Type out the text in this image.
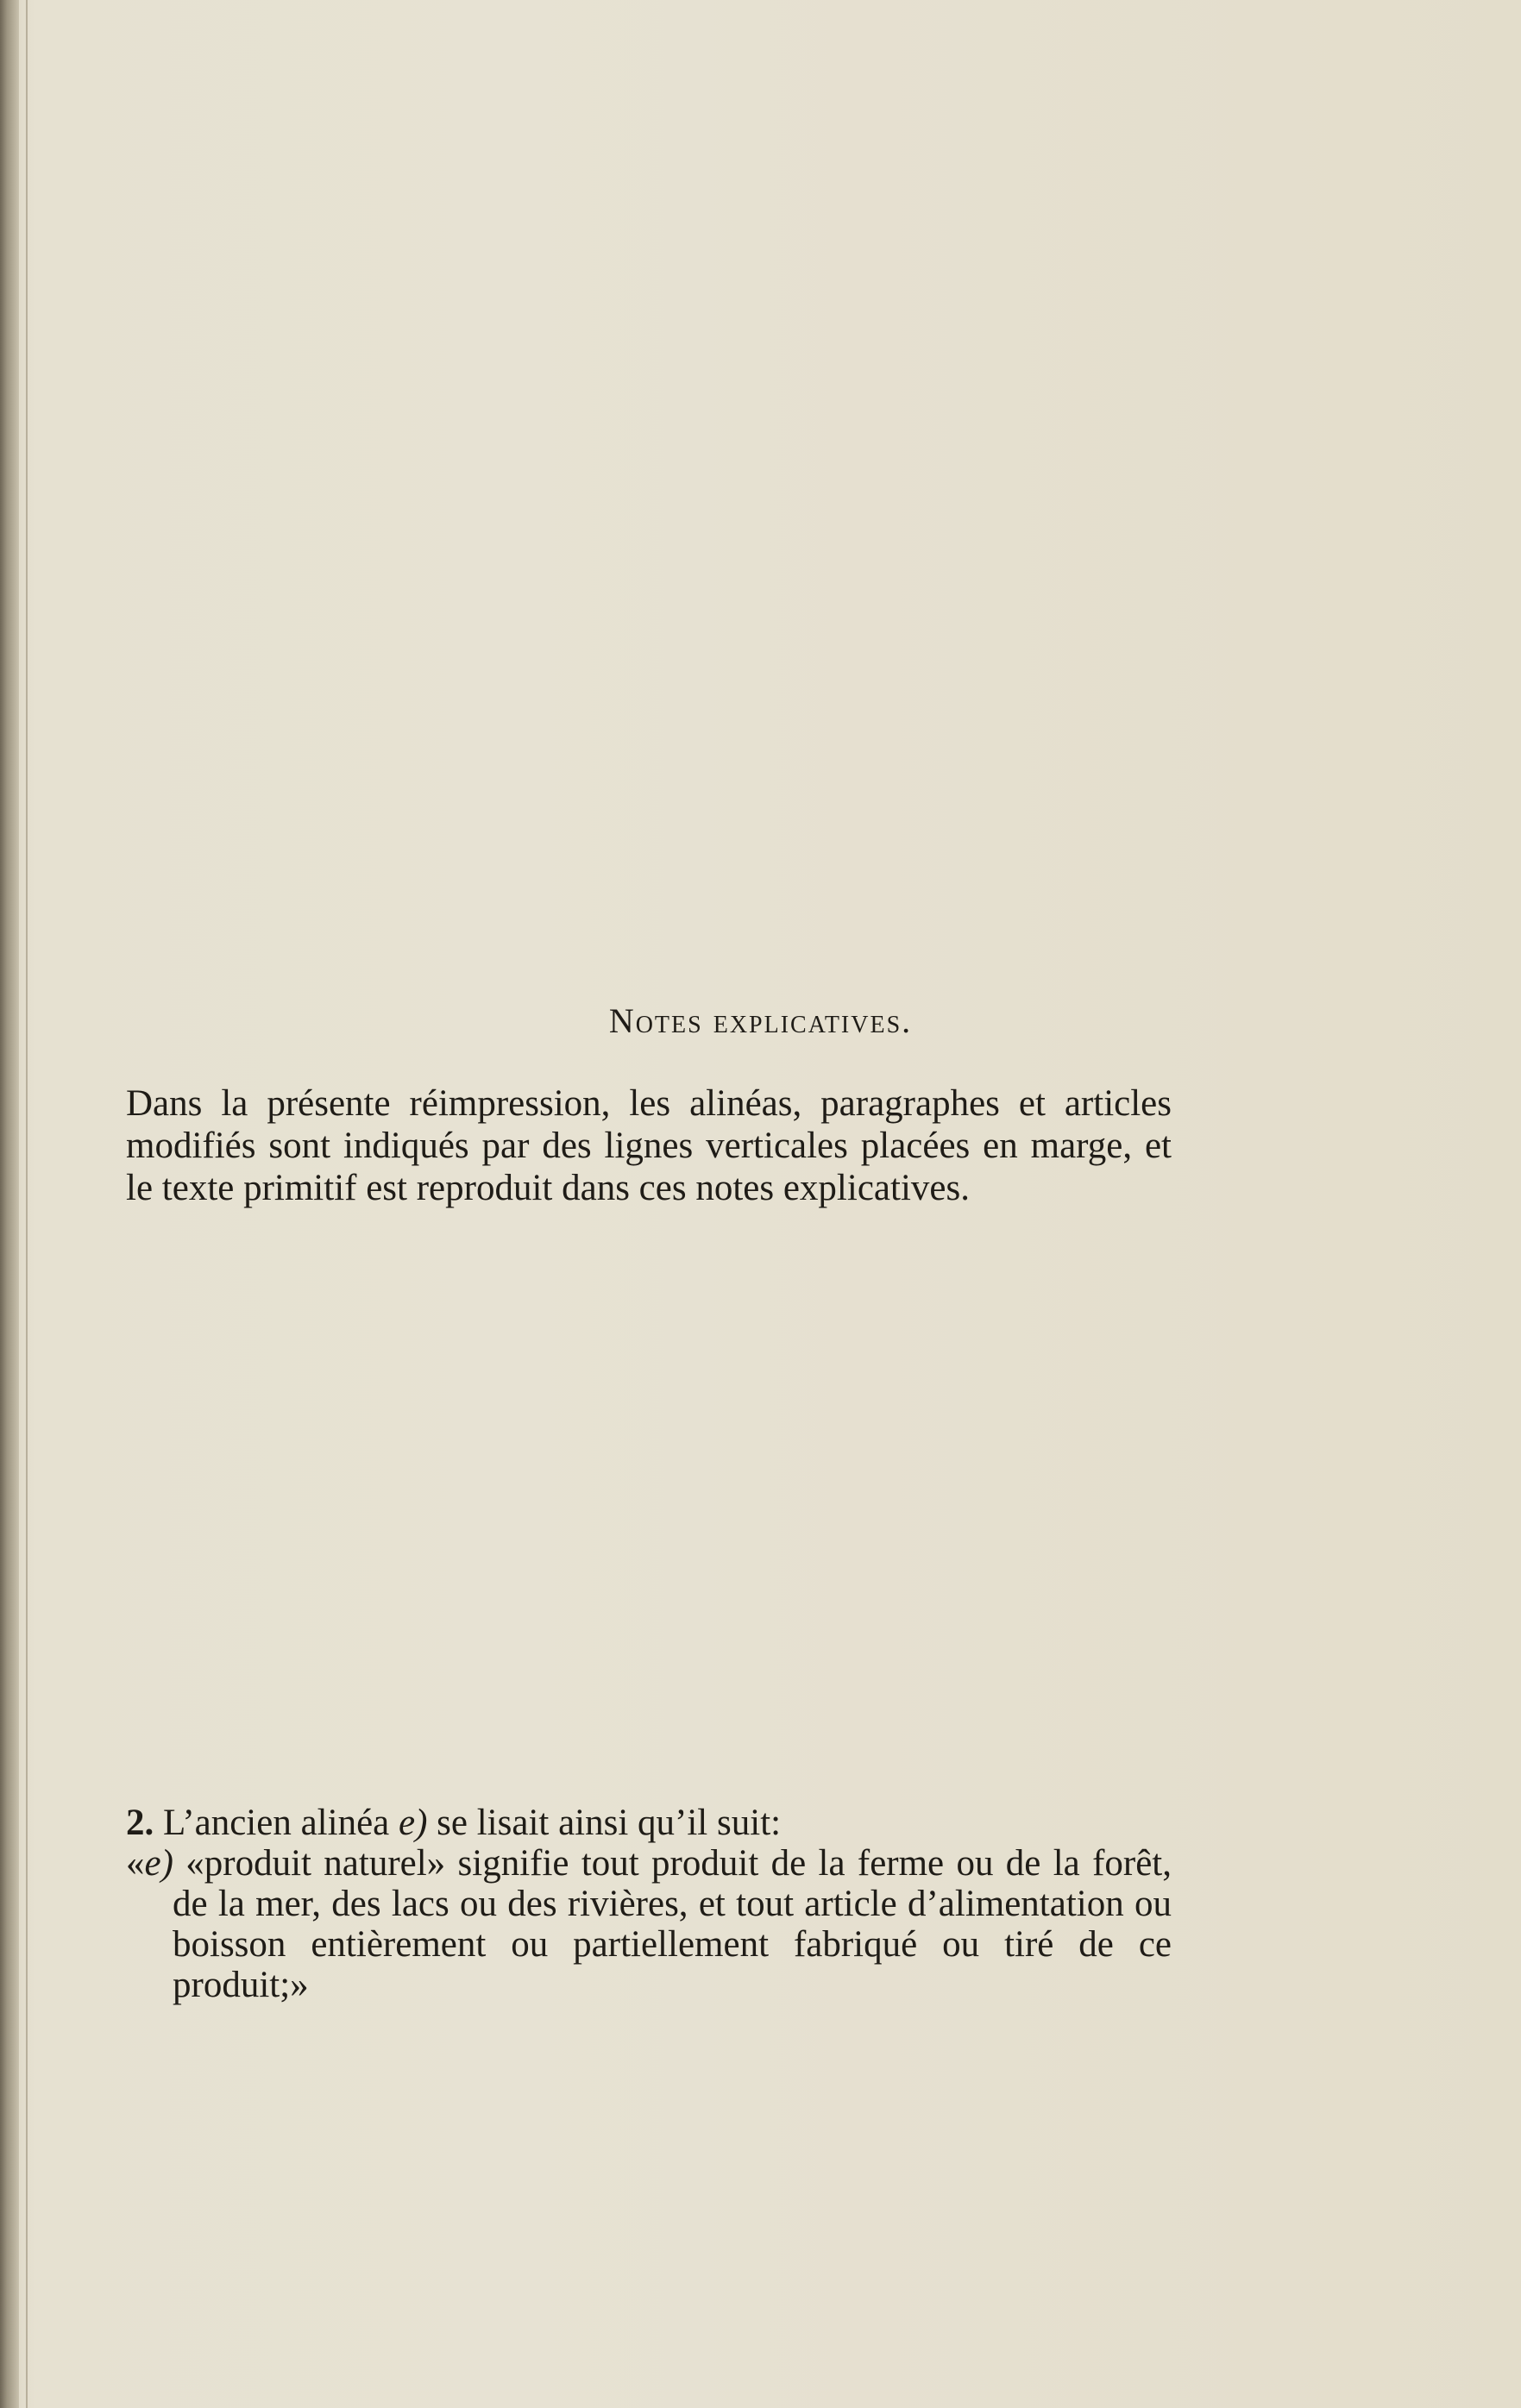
Notes explicatives.

Dans la présente réimpression, les alinéas, paragraphes et articles modifiés sont indiqués par des lignes verticales placées en marge, et le texte primitif est reproduit dans ces notes explicatives.

2. L’ancien alinéa e) se lisait ainsi qu’il suit:
«e) «produit naturel» signifie tout produit de la ferme ou de la forêt, de la mer, des lacs ou des rivières, et tout article d’alimentation ou boisson entièrement ou partiellement fabriqué ou tiré de ce produit;»
